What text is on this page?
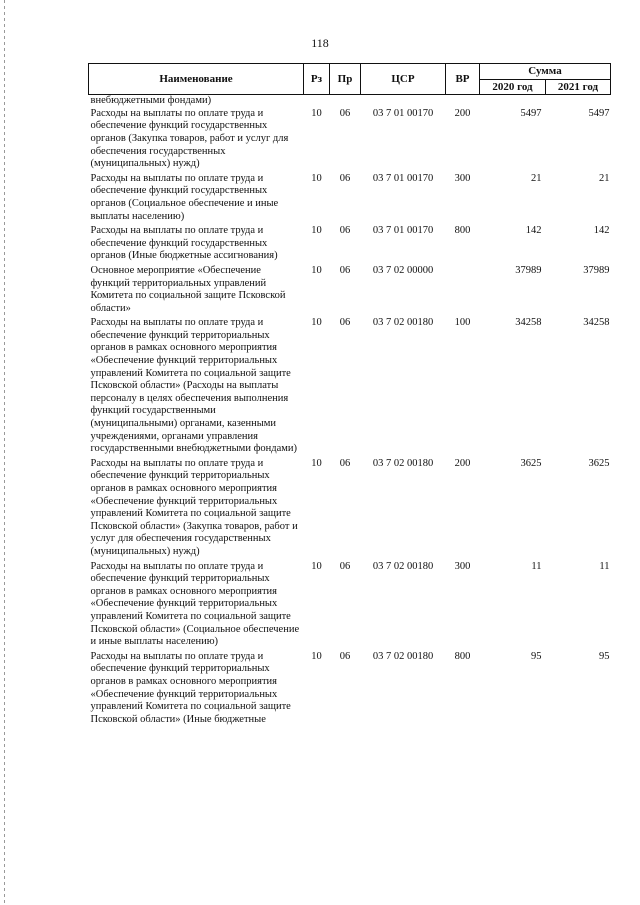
118
Наименование	Рз	Пр	ЦСР	ВР	Сумма	
					2020 год	2021 год
внебюджетными фондами)						
Расходы на выплаты по оплате труда и обеспечение функций государственных органов (Закупка товаров, работ и услуг для обеспечения государственных (муниципальных) нужд)	10	06	03 7 01 00170	200	5497	5497
Расходы на выплаты по оплате труда и обеспечение функций государственных органов (Социальное обеспечение и иные выплаты населению)	10	06	03 7 01 00170	300	21	21
Расходы на выплаты по оплате труда и обеспечение функций государственных органов (Иные бюджетные ассигнования)	10	06	03 7 01 00170	800	142	142
Основное мероприятие «Обеспечение функций территориальных управлений Комитета по социальной защите Псковской области»	10	06	03 7 02 00000		37989	37989
Расходы на выплаты по оплате труда и обеспечение функций территориальных органов в рамках основного мероприятия «Обеспечение функций территориальных управлений Комитета по социальной защите Псковской области» (Расходы на выплаты персоналу в целях обеспечения выполнения функций государственными (муниципальными) органами, казенными учреждениями, органами управления государственными внебюджетными фондами)	10	06	03 7 02 00180	100	34258	34258
Расходы на выплаты по оплате труда и обеспечение функций территориальных органов в рамках основного мероприятия «Обеспечение функций территориальных управлений Комитета по социальной защите Псковской области» (Закупка товаров, работ и услуг для обеспечения государственных (муниципальных) нужд)	10	06	03 7 02 00180	200	3625	3625
Расходы на выплаты по оплате труда и обеспечение функций территориальных органов в рамках основного мероприятия «Обеспечение функций территориальных управлений Комитета по социальной защите Псковской области» (Социальное обеспечение и иные выплаты населению)	10	06	03 7 02 00180	300	11	11
Расходы на выплаты по оплате труда и обеспечение функций территориальных органов в рамках основного мероприятия «Обеспечение функций территориальных управлений Комитета по социальной защите Псковской области» (Иные бюджетные	10	06	03 7 02 00180	800	95	95
